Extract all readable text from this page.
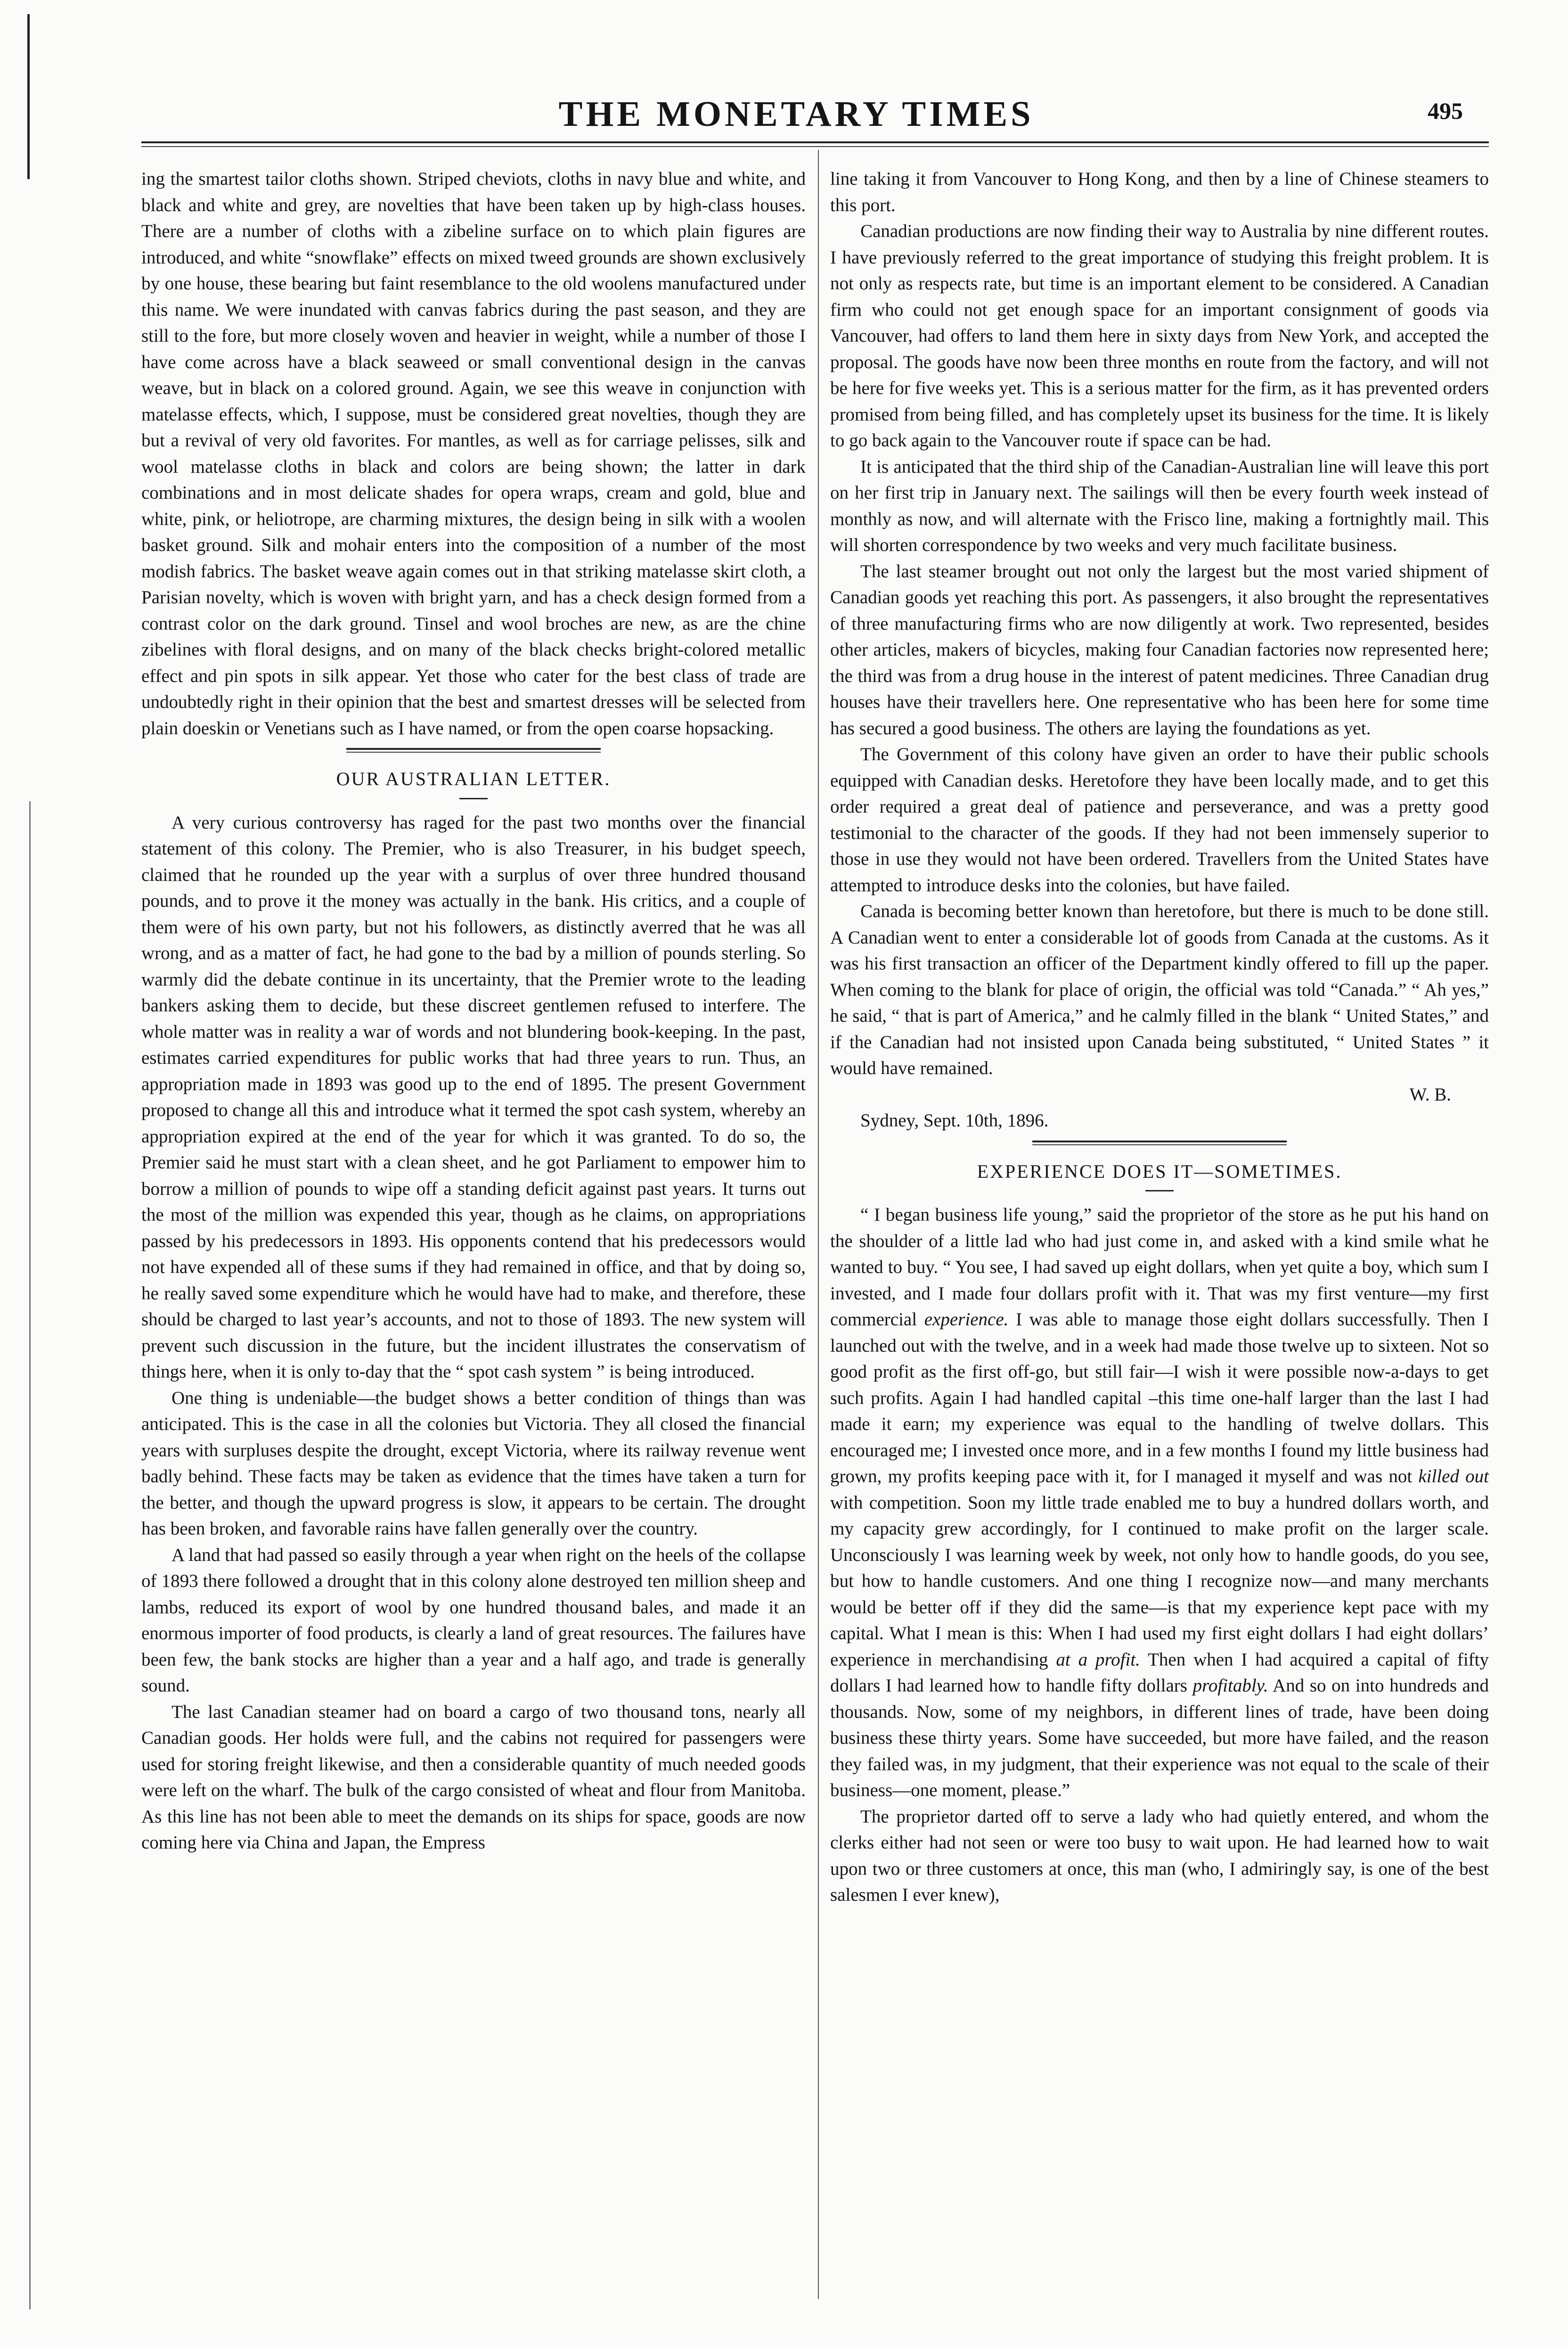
THE MONETARY TIMES	495

ing the smartest tailor cloths shown. Striped cheviots, cloths in navy blue and white, and black and white and grey, are novelties that have been taken up by high-class houses. There are a number of cloths with a zibeline surface on to which plain figures are introduced, and white “snowflake” effects on mixed tweed grounds are shown exclusively by one house, these bearing but faint resemblance to the old woolens manufactured under this name. We were inundated with canvas fabrics during the past season, and they are still to the fore, but more closely woven and heavier in weight, while a number of those I have come across have a black seaweed or small conventional design in the canvas weave, but in black on a colored ground. Again, we see this weave in conjunction with matelasse effects, which, I suppose, must be considered great novelties, though they are but a revival of very old favorites. For mantles, as well as for carriage pelisses, silk and wool matelasse cloths in black and colors are being shown; the latter in dark combinations and in most delicate shades for opera wraps, cream and gold, blue and white, pink, or heliotrope, are charming mixtures, the design being in silk with a woolen basket ground. Silk and mohair enters into the composition of a number of the most modish fabrics. The basket weave again comes out in that striking matelasse skirt cloth, a Parisian novelty, which is woven with bright yarn, and has a check design formed from a contrast color on the dark ground. Tinsel and wool broches are new, as are the chine zibelines with floral designs, and on many of the black checks bright-colored metallic effect and pin spots in silk appear. Yet those who cater for the best class of trade are undoubtedly right in their opinion that the best and smartest dresses will be selected from plain doeskin or Venetians such as I have named, or from the open coarse hopsacking.

OUR AUSTRALIAN LETTER.

A very curious controversy has raged for the past two months over the financial statement of this colony. The Premier, who is also Treasurer, in his budget speech, claimed that he rounded up the year with a surplus of over three hundred thousand pounds, and to prove it the money was actually in the bank. His critics, and a couple of them were of his own party, but not his followers, as distinctly averred that he was all wrong, and as a matter of fact, he had gone to the bad by a million of pounds sterling. So warmly did the debate continue in its uncertainty, that the Premier wrote to the leading bankers asking them to decide, but these discreet gentlemen refused to interfere. The whole matter was in reality a war of words and not blundering book-keeping. In the past, estimates carried expenditures for public works that had three years to run. Thus, an appropriation made in 1893 was good up to the end of 1895. The present Government proposed to change all this and introduce what it termed the spot cash system, whereby an appropriation expired at the end of the year for which it was granted. To do so, the Premier said he must start with a clean sheet, and he got Parliament to empower him to borrow a million of pounds to wipe off a standing deficit against past years. It turns out the most of the million was expended this year, though as he claims, on appropriations passed by his predecessors in 1893. His opponents contend that his predecessors would not have expended all of these sums if they had remained in office, and that by doing so, he really saved some expenditure which he would have had to make, and therefore, these should be charged to last year’s accounts, and not to those of 1893. The new system will prevent such discussion in the future, but the incident illustrates the conservatism of things here, when it is only to-day that the “ spot cash system ” is being introduced.

One thing is undeniable—the budget shows a better condition of things than was anticipated. This is the case in all the colonies but Victoria. They all closed the financial years with surpluses despite the drought, except Victoria, where its railway revenue went badly behind. These facts may be taken as evidence that the times have taken a turn for the better, and though the upward progress is slow, it appears to be certain. The drought has been broken, and favorable rains have fallen generally over the country.

A land that had passed so easily through a year when right on the heels of the collapse of 1893 there followed a drought that in this colony alone destroyed ten million sheep and lambs, reduced its export of wool by one hundred thousand bales, and made it an enormous importer of food products, is clearly a land of great resources. The failures have been few, the bank stocks are higher than a year and a half ago, and trade is generally sound.

The last Canadian steamer had on board a cargo of two thousand tons, nearly all Canadian goods. Her holds were full, and the cabins not required for passengers were used for storing freight likewise, and then a considerable quantity of much needed goods were left on the wharf. The bulk of the cargo consisted of wheat and flour from Manitoba. As this line has not been able to meet the demands on its ships for space, goods are now coming here via China and Japan, the Empress

line taking it from Vancouver to Hong Kong, and then by a line of Chinese steamers to this port.

Canadian productions are now finding their way to Australia by nine different routes. I have previously referred to the great importance of studying this freight problem. It is not only as respects rate, but time is an important element to be considered. A Canadian firm who could not get enough space for an important consignment of goods via Vancouver, had offers to land them here in sixty days from New York, and accepted the proposal. The goods have now been three months en route from the factory, and will not be here for five weeks yet. This is a serious matter for the firm, as it has prevented orders promised from being filled, and has completely upset its business for the time. It is likely to go back again to the Vancouver route if space can be had.

It is anticipated that the third ship of the Canadian-Australian line will leave this port on her first trip in January next. The sailings will then be every fourth week instead of monthly as now, and will alternate with the Frisco line, making a fortnightly mail. This will shorten correspondence by two weeks and very much facilitate business.

The last steamer brought out not only the largest but the most varied shipment of Canadian goods yet reaching this port. As passengers, it also brought the representatives of three manufacturing firms who are now diligently at work. Two represented, besides other articles, makers of bicycles, making four Canadian factories now represented here; the third was from a drug house in the interest of patent medicines. Three Canadian drug houses have their travellers here. One representative who has been here for some time has secured a good business. The others are laying the foundations as yet.

The Government of this colony have given an order to have their public schools equipped with Canadian desks. Heretofore they have been locally made, and to get this order required a great deal of patience and perseverance, and was a pretty good testimonial to the character of the goods. If they had not been immensely superior to those in use they would not have been ordered. Travellers from the United States have attempted to introduce desks into the colonies, but have failed.

Canada is becoming better known than heretofore, but there is much to be done still. A Canadian went to enter a considerable lot of goods from Canada at the customs. As it was his first transaction an officer of the Department kindly offered to fill up the paper. When coming to the blank for place of origin, the official was told “Canada.” “ Ah yes,” he said, “ that is part of America,” and he calmly filled in the blank “ United States,” and if the Canadian had not insisted upon Canada being substituted, “ United States ” it would have remained.

W. B.

Sydney, Sept. 10th, 1896.

EXPERIENCE DOES IT—SOMETIMES.

“ I began business life young,” said the proprietor of the store as he put his hand on the shoulder of a little lad who had just come in, and asked with a kind smile what he wanted to buy. “ You see, I had saved up eight dollars, when yet quite a boy, which sum I invested, and I made four dollars profit with it. That was my first venture—my first commercial experience. I was able to manage those eight dollars successfully. Then I launched out with the twelve, and in a week had made those twelve up to sixteen. Not so good profit as the first off-go, but still fair—I wish it were possible now-a-days to get such profits. Again I had handled capital –this time one-half larger than the last I had made it earn; my experience was equal to the handling of twelve dollars. This encouraged me; I invested once more, and in a few months I found my little business had grown, my profits keeping pace with it, for I managed it myself and was not killed out with competition. Soon my little trade enabled me to buy a hundred dollars worth, and my capacity grew accordingly, for I continued to make profit on the larger scale. Unconsciously I was learning week by week, not only how to handle goods, do you see, but how to handle customers. And one thing I recognize now—and many merchants would be better off if they did the same—is that my experience kept pace with my capital. What I mean is this: When I had used my first eight dollars I had eight dollars’ experience in merchandising at a profit. Then when I had acquired a capital of fifty dollars I had learned how to handle fifty dollars profitably. And so on into hundreds and thousands. Now, some of my neighbors, in different lines of trade, have been doing business these thirty years. Some have succeeded, but more have failed, and the reason they failed was, in my judgment, that their experience was not equal to the scale of their business—one moment, please.”

The proprietor darted off to serve a lady who had quietly entered, and whom the clerks either had not seen or were too busy to wait upon. He had learned how to wait upon two or three customers at once, this man (who, I admiringly say, is one of the best salesmen I ever knew),
